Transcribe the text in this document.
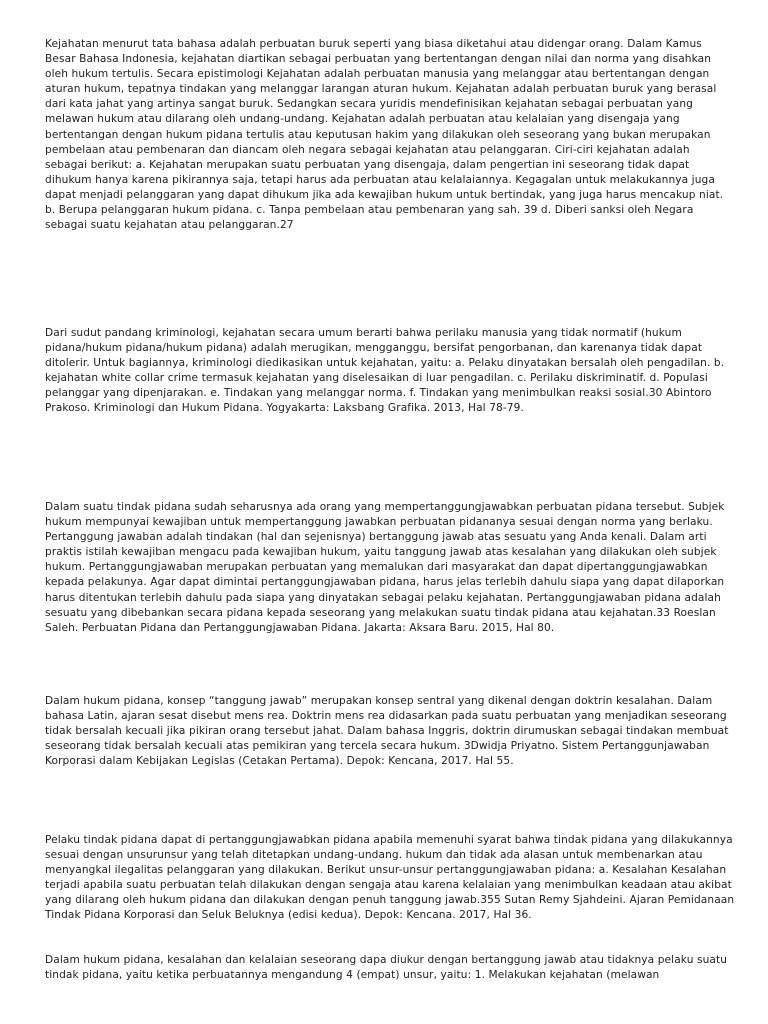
Kejahatan menurut tata bahasa adalah perbuatan buruk seperti yang biasa diketahui atau didengar orang. Dalam Kamus Besar Bahasa Indonesia, kejahatan diartikan sebagai perbuatan yang bertentangan dengan nilai dan norma yang disahkan oleh hukum tertulis. Secara epistimologi Kejahatan adalah perbuatan manusia yang melanggar atau bertentangan dengan aturan hukum, tepatnya tindakan yang melanggar larangan aturan hukum. Kejahatan adalah perbuatan buruk yang berasal dari kata jahat yang artinya sangat buruk. Sedangkan secara yuridis mendefinisikan kejahatan sebagai perbuatan yang melawan hukum atau dilarang oleh undang-undang. Kejahatan adalah perbuatan atau kelalaian yang disengaja yang bertentangan dengan hukum pidana tertulis atau keputusan hakim yang dilakukan oleh seseorang yang bukan merupakan pembelaan atau pembenaran dan diancam oleh negara sebagai kejahatan atau pelanggaran. Ciri-ciri kejahatan adalah sebagai berikut: a. Kejahatan merupakan suatu perbuatan yang disengaja, dalam pengertian ini seseorang tidak dapat dihukum hanya karena pikirannya saja, tetapi harus ada perbuatan atau kelalaiannya. Kegagalan untuk melakukannya juga dapat menjadi pelanggaran yang dapat dihukum jika ada kewajiban hukum untuk bertindak, yang juga harus mencakup niat. b. Berupa pelanggaran hukum pidana. c. Tanpa pembelaan atau pembenaran yang sah. 39 d. Diberi sanksi oleh Negara sebagai suatu kejahatan atau pelanggaran.27

Dari sudut pandang kriminologi, kejahatan secara umum berarti bahwa perilaku manusia yang tidak normatif (hukum pidana/hukum pidana/hukum pidana) adalah merugikan, mengganggu, bersifat pengorbanan, dan karenanya tidak dapat ditolerir. Untuk bagiannya, kriminologi diedikasikan untuk kejahatan, yaitu: a. Pelaku dinyatakan bersalah oleh pengadilan. b. kejahatan white collar crime termasuk kejahatan yang diselesaikan di luar pengadilan. c. Perilaku diskriminatif. d. Populasi pelanggar yang dipenjarakan. e. Tindakan yang melanggar norma. f. Tindakan yang menimbulkan reaksi sosial.30 Abintoro Prakoso. Kriminologi dan Hukum Pidana. Yogyakarta: Laksbang Grafika. 2013, Hal 78-79.

Dalam suatu tindak pidana sudah seharusnya ada orang yang mempertanggungjawabkan perbuatan pidana tersebut. Subjek hukum mempunyai kewajiban untuk mempertanggung jawabkan perbuatan pidananya sesuai dengan norma yang berlaku. Pertanggung jawaban adalah tindakan (hal dan sejenisnya) bertanggung jawab atas sesuatu yang Anda kenali. Dalam arti praktis istilah kewajiban mengacu pada kewajiban hukum, yaitu tanggung jawab atas kesalahan yang dilakukan oleh subjek hukum. Pertanggungjawaban merupakan perbuatan yang memalukan dari masyarakat dan dapat dipertanggungjawabkan kepada pelakunya. Agar dapat dimintai pertanggungjawaban pidana, harus jelas terlebih dahulu siapa yang dapat dilaporkan harus ditentukan terlebih dahulu pada siapa yang dinyatakan sebagai pelaku kejahatan. Pertanggungjawaban pidana adalah sesuatu yang dibebankan secara pidana kepada seseorang yang melakukan suatu tindak pidana atau kejahatan.33 Roeslan Saleh. Perbuatan Pidana dan Pertanggungjawaban Pidana. Jakarta: Aksara Baru. 2015, Hal 80.

Dalam hukum pidana, konsep “tanggung jawab” merupakan konsep sentral yang dikenal dengan doktrin kesalahan. Dalam bahasa Latin, ajaran sesat disebut mens rea. Doktrin mens rea didasarkan pada suatu perbuatan yang menjadikan seseorang tidak bersalah kecuali jika pikiran orang tersebut jahat. Dalam bahasa Inggris, doktrin dirumuskan sebagai tindakan membuat seseorang tidak bersalah kecuali atas pemikiran yang tercela secara hukum. 3Dwidja Priyatno. Sistem Pertanggunjawaban Korporasi dalam Kebijakan Legislas (Cetakan Pertama). Depok: Kencana, 2017. Hal 55.

Pelaku tindak pidana dapat di pertanggungjawabkan pidana apabila memenuhi syarat bahwa tindak pidana yang dilakukannya sesuai dengan unsurunsur yang telah ditetapkan undang-undang. hukum dan tidak ada alasan untuk membenarkan atau menyangkal ilegalitas pelanggaran yang dilakukan. Berikut unsur-unsur pertanggungjawaban pidana: a. Kesalahan Kesalahan terjadi apabila suatu perbuatan telah dilakukan dengan sengaja atau karena kelalaian yang menimbulkan keadaan atau akibat yang dilarang oleh hukum pidana dan dilakukan dengan penuh tanggung jawab.355 Sutan Remy Sjahdeini. Ajaran Pemidanaan Tindak Pidana Korporasi dan Seluk Beluknya (edisi kedua). Depok: Kencana. 2017, Hal 36.

Dalam hukum pidana, kesalahan dan kelalaian seseorang dapa diukur dengan bertanggung jawab atau tidaknya pelaku suatu tindak pidana, yaitu ketika perbuatannya mengandung 4 (empat) unsur, yaitu: 1. Melakukan kejahatan (melawan
